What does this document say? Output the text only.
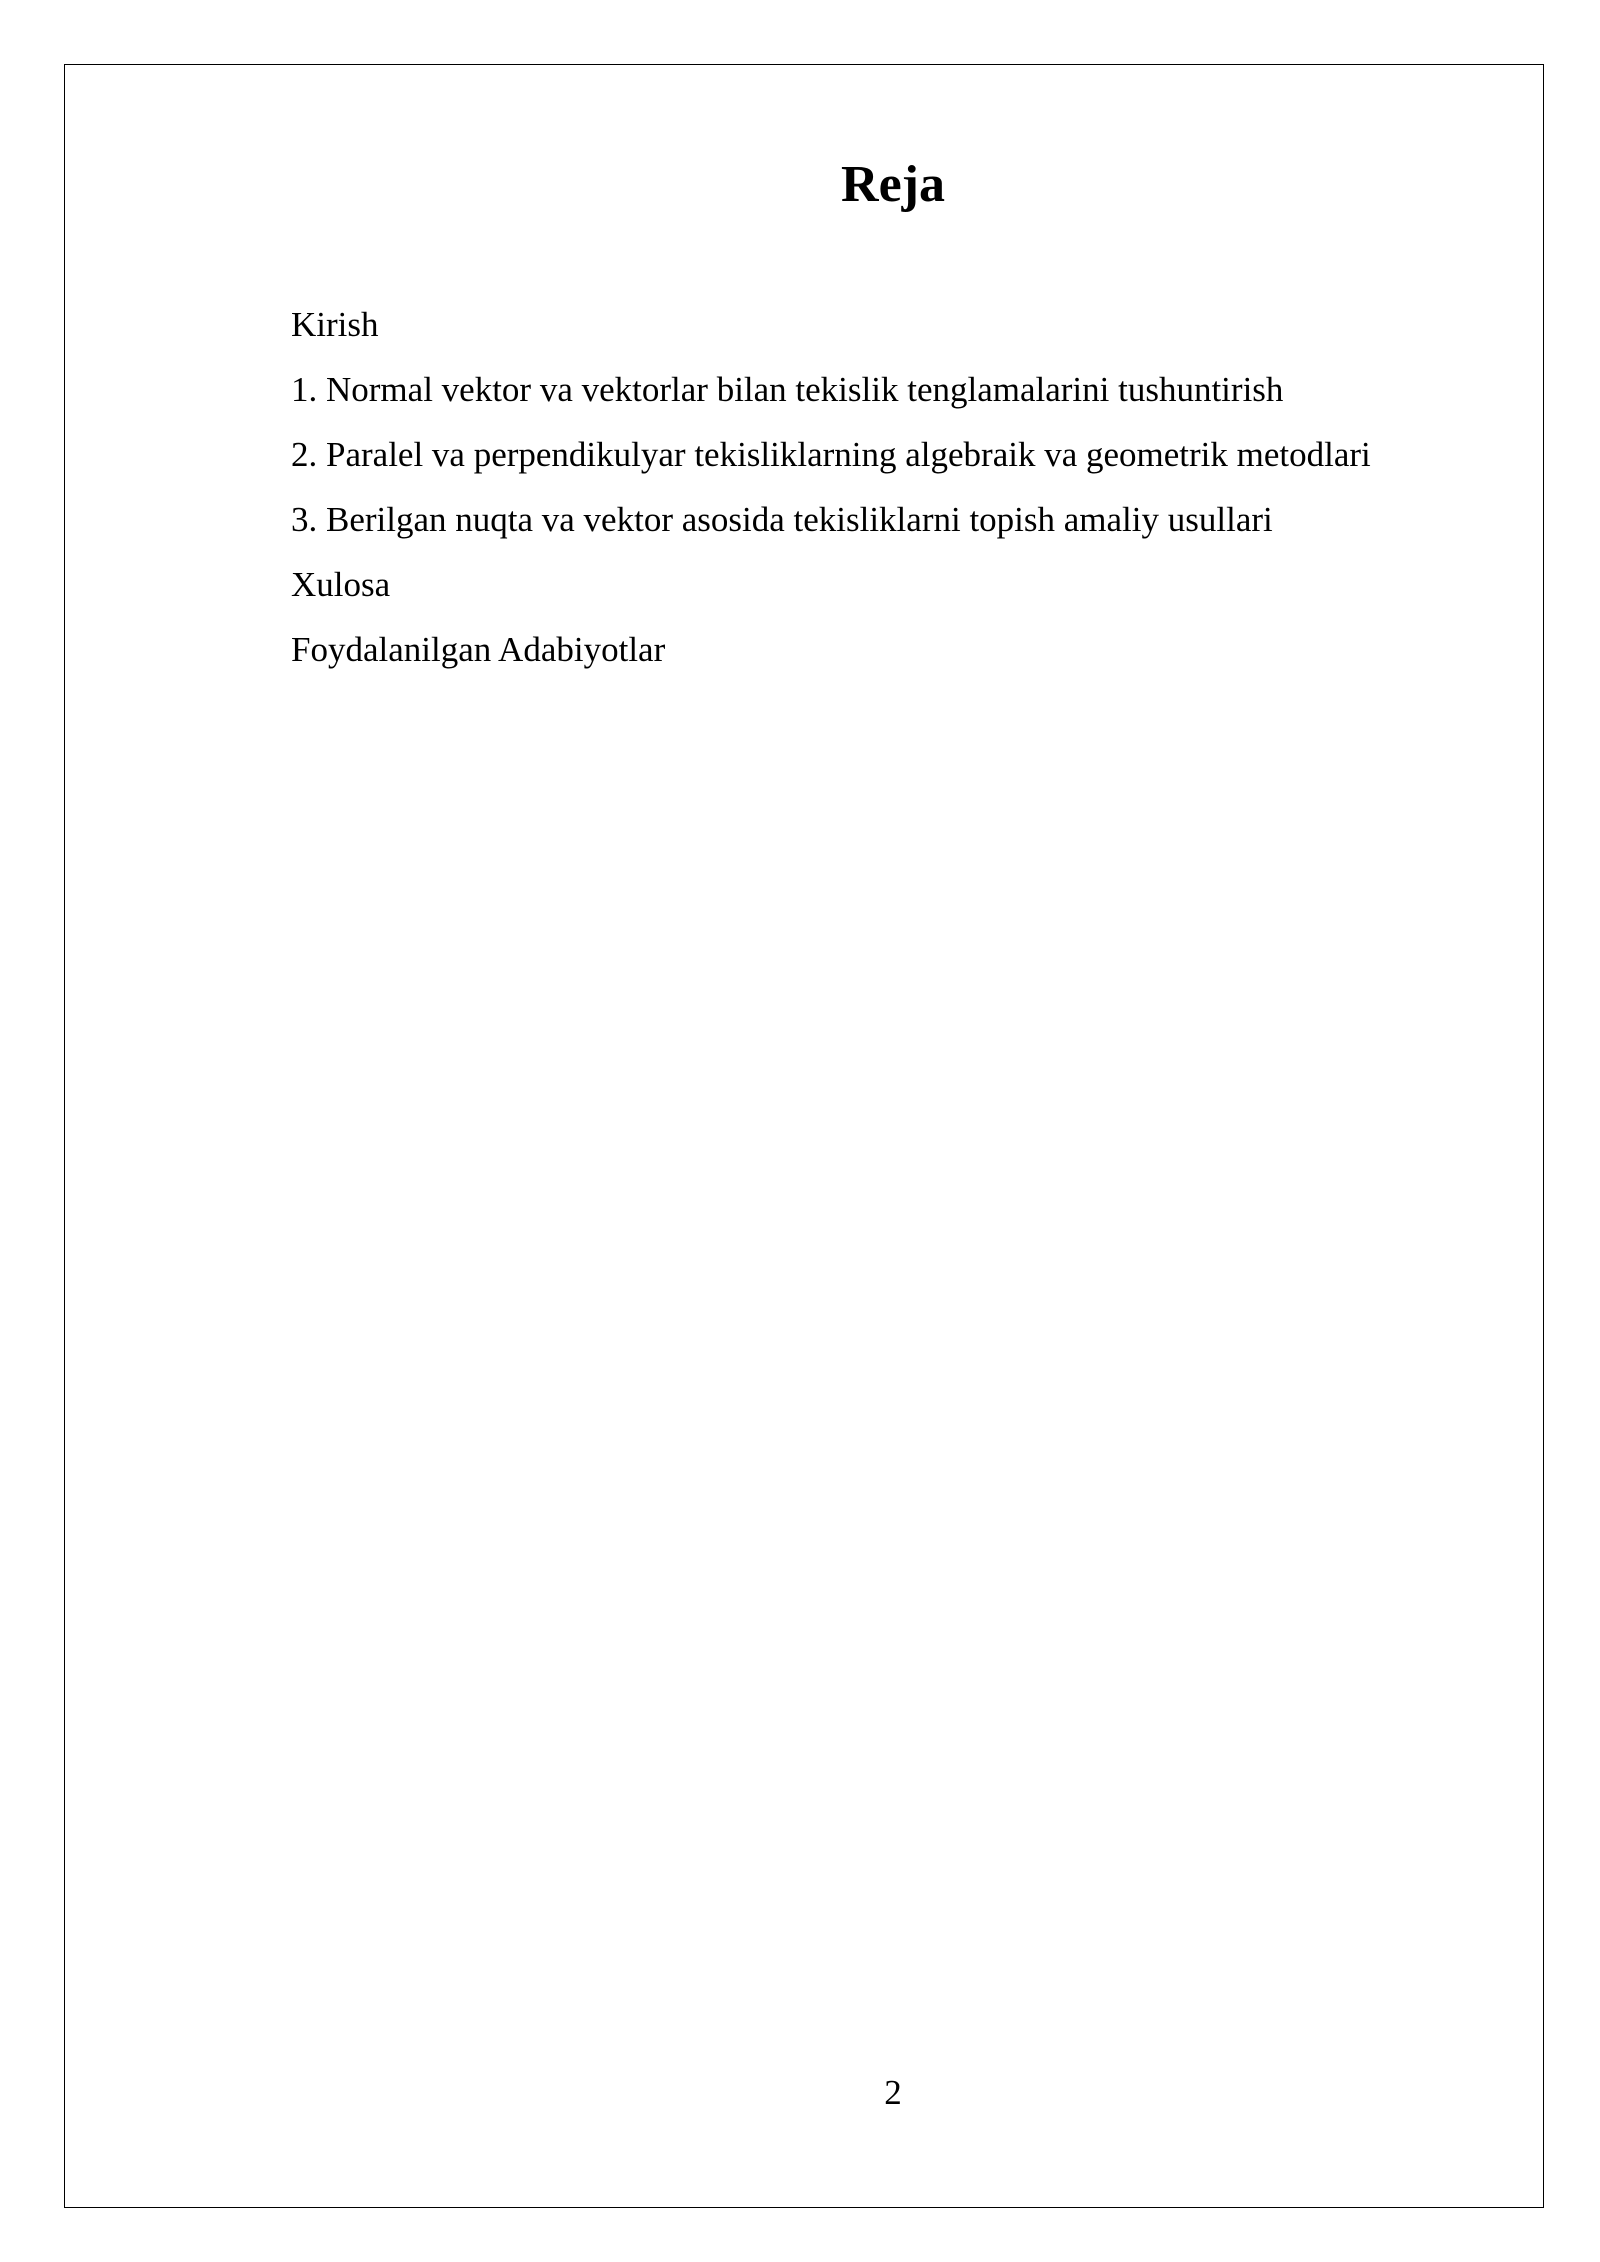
Reja
Kirish
1. Normal vektor va vektorlar bilan tekislik tenglamalarini tushuntirish
2. Paralel va perpendikulyar tekisliklarning algebraik va geometrik metodlari
3. Berilgan nuqta va vektor asosida tekisliklarni topish amaliy usullari
Xulosa
Foydalanilgan Adabiyotlar
2
